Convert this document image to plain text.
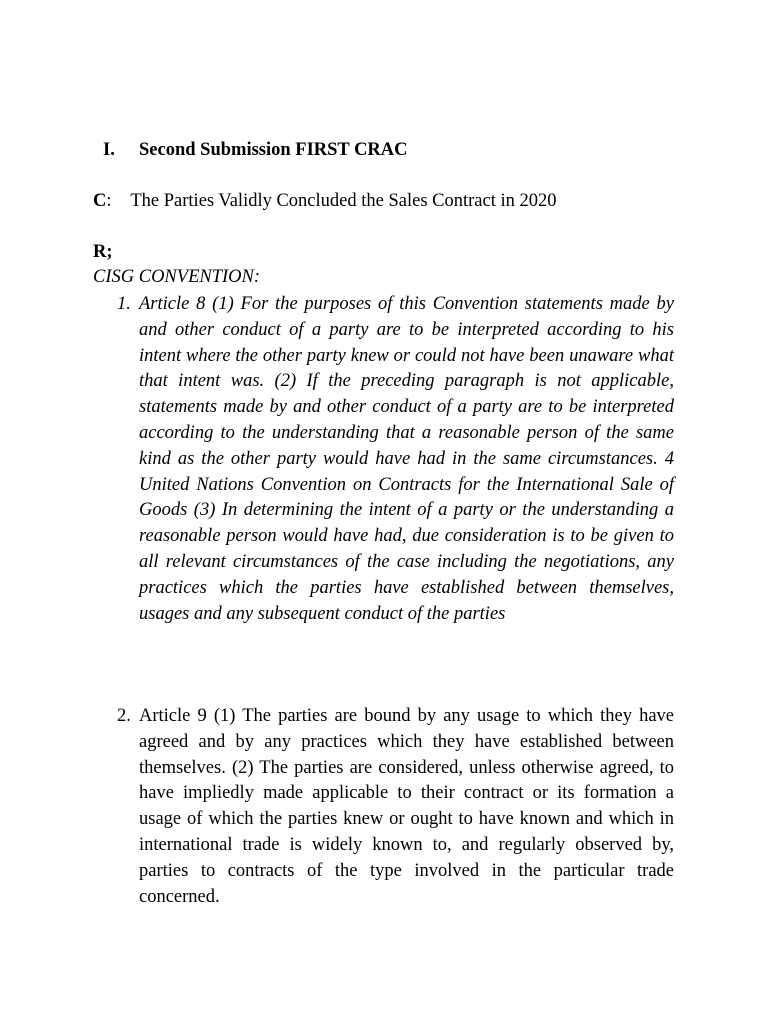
I. Second Submission FIRST CRAC
C: The Parties Validly Concluded the Sales Contract in 2020
R;
CISG CONVENTION:
1. Article 8 (1) For the purposes of this Convention statements made by and other conduct of a party are to be interpreted according to his intent where the other party knew or could not have been unaware what that intent was. (2) If the preceding paragraph is not applicable, statements made by and other conduct of a party are to be interpreted according to the understanding that a reasonable person of the same kind as the other party would have had in the same circumstances. 4 United Nations Convention on Contracts for the International Sale of Goods (3) In determining the intent of a party or the understanding a reasonable person would have had, due consideration is to be given to all relevant circumstances of the case including the negotiations, any practices which the parties have established between themselves, usages and any subsequent conduct of the parties
2. Article 9 (1) The parties are bound by any usage to which they have agreed and by any practices which they have established between themselves. (2) The parties are considered, unless otherwise agreed, to have impliedly made applicable to their contract or its formation a usage of which the parties knew or ought to have known and which in international trade is widely known to, and regularly observed by, parties to contracts of the type involved in the particular trade concerned.
